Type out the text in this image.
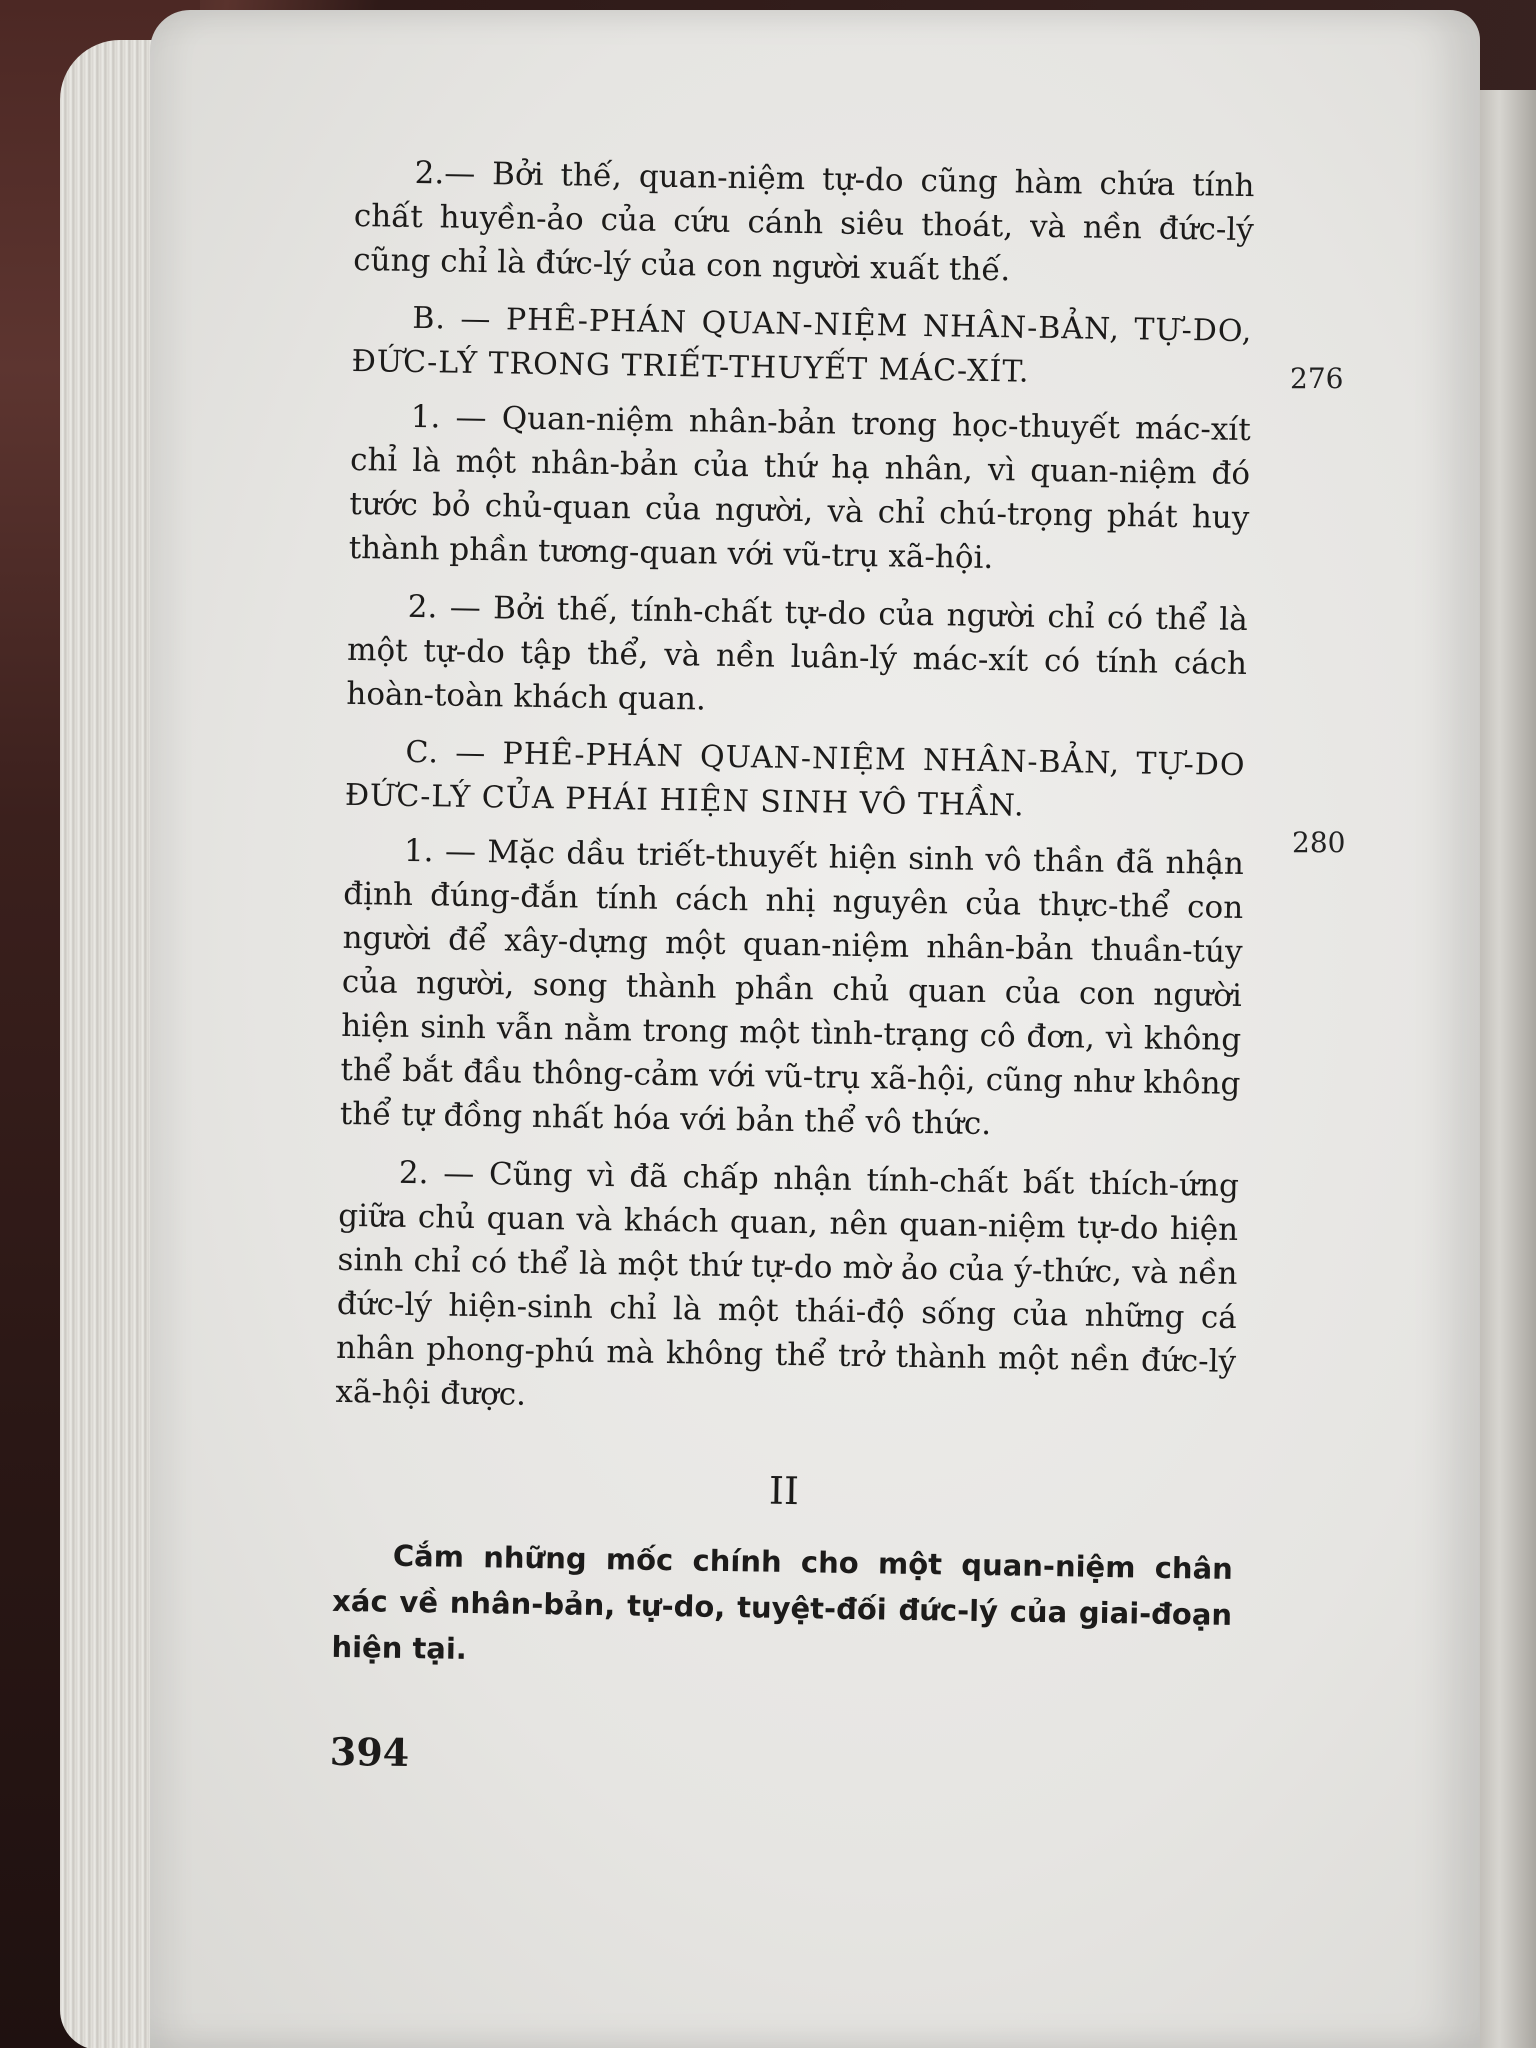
276
280

2.— Bởi thế, quan-niệm tự-do cũng hàm chứa tính chất huyền-ảo của cứu cánh siêu thoát, và nền đức-lý cũng chỉ là đức-lý của con người xuất thế.

B. — PHÊ-PHÁN QUAN-NIỆM NHÂN-BẢN, TỰ-DO, ĐỨC-LÝ TRONG TRIẾT-THUYẾT MÁC-XÍT.

1. — Quan-niệm nhân-bản trong học-thuyết mác-xít chỉ là một nhân-bản của thứ hạ nhân, vì quan-niệm đó tước bỏ chủ-quan của người, và chỉ chú-trọng phát huy thành phần tương-quan với vũ-trụ xã-hội.

2. — Bởi thế, tính-chất tự-do của người chỉ có thể là một tự-do tập thể, và nền luân-lý mác-xít có tính cách hoàn-toàn khách quan.

C. — PHÊ-PHÁN QUAN-NIỆM NHÂN-BẢN, TỰ-DO ĐỨC-LÝ CỦA PHÁI HIỆN SINH VÔ THẦN.

1. — Mặc dầu triết-thuyết hiện sinh vô thần đã nhận định đúng-đắn tính cách nhị nguyên của thực-thể con người để xây-dựng một quan-niệm nhân-bản thuần-túy của người, song thành phần chủ quan của con người hiện sinh vẫn nằm trong một tình-trạng cô đơn, vì không thể bắt đầu thông-cảm với vũ-trụ xã-hội, cũng như không thể tự đồng nhất hóa với bản thể vô thức.

2. — Cũng vì đã chấp nhận tính-chất bất thích-ứng giữa chủ quan và khách quan, nên quan-niệm tự-do hiện sinh chỉ có thể là một thứ tự-do mờ ảo của ý-thức, và nền đức-lý hiện-sinh chỉ là một thái-độ sống của những cá nhân phong-phú mà không thể trở thành một nền đức-lý xã-hội được.

II

Cắm những mốc chính cho một quan-niệm chân xác về nhân-bản, tự-do, tuyệt-đối đức-lý của giai-đoạn hiện tại.

394
